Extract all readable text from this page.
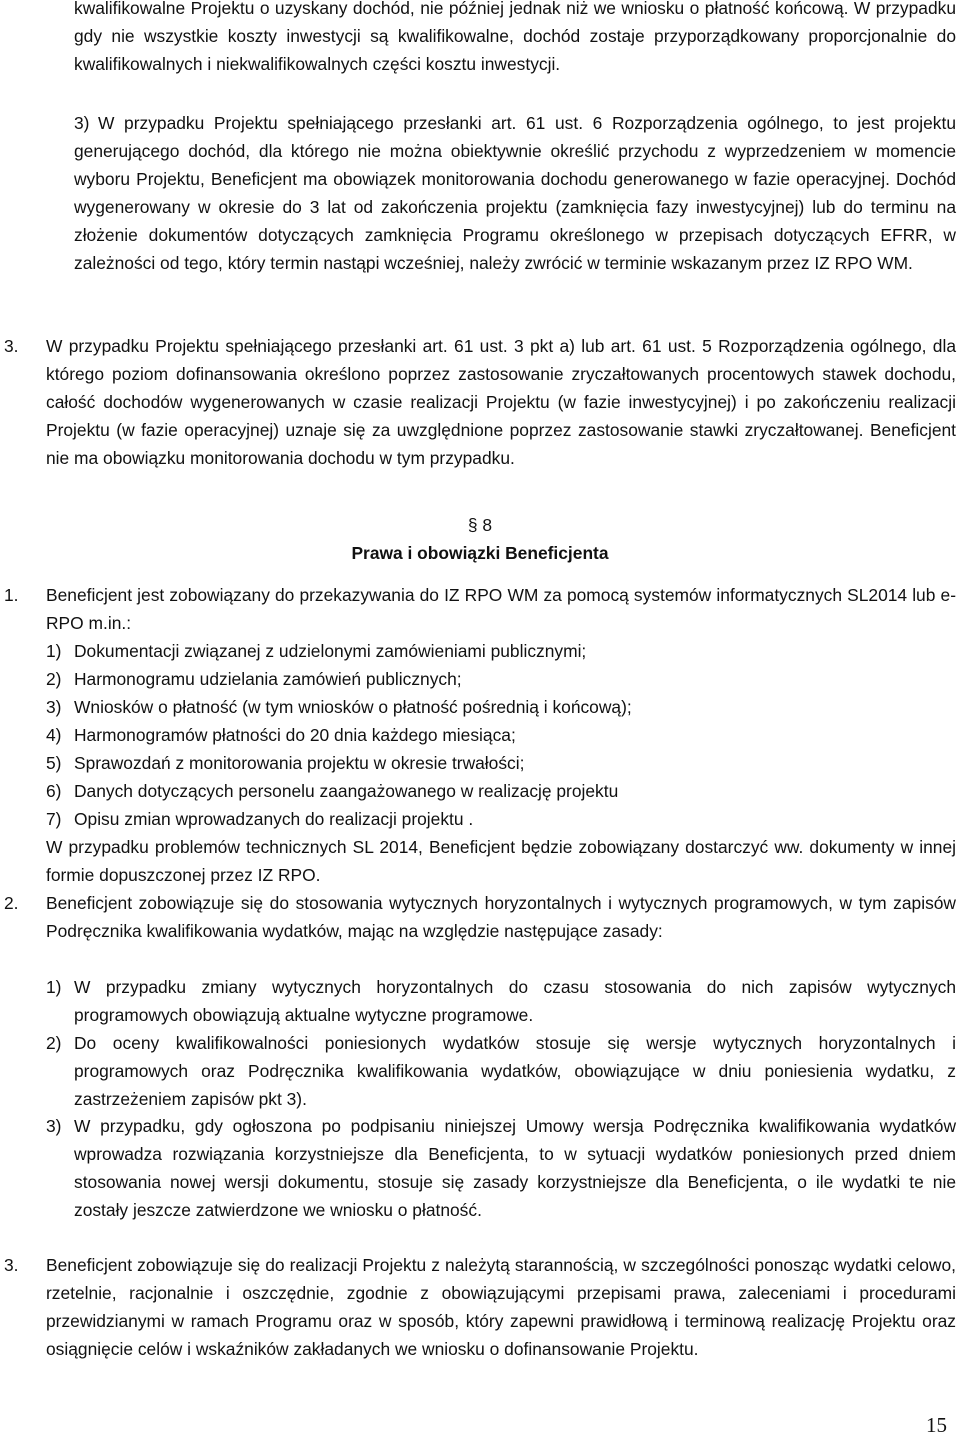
kwalifikowalne Projektu o uzyskany dochód, nie później jednak niż we wniosku o płatność końcową. W przypadku gdy nie wszystkie koszty inwestycji są kwalifikowalne, dochód zostaje przyporządkowany proporcjonalnie do kwalifikowalnych i niekwalifikowalnych części kosztu inwestycji.

3) W przypadku Projektu spełniającego przesłanki art. 61 ust. 6 Rozporządzenia ogólnego, to jest projektu generującego dochód, dla którego nie można obiektywnie określić przychodu z wyprzedzeniem w momencie wyboru Projektu, Beneficjent ma obowiązek monitorowania dochodu generowanego w fazie operacyjnej. Dochód wygenerowany w okresie do 3 lat od zakończenia projektu (zamknięcia fazy inwestycyjnej) lub do terminu na złożenie dokumentów dotyczących zamknięcia Programu określonego w przepisach dotyczących EFRR, w zależności od tego, który termin nastąpi wcześniej, należy zwrócić w terminie wskazanym przez IZ RPO WM.

3.	W przypadku Projektu spełniającego przesłanki art. 61 ust. 3 pkt a) lub art. 61 ust. 5 Rozporządzenia ogólnego, dla którego poziom dofinansowania określono poprzez zastosowanie zryczałtowanych procentowych stawek dochodu, całość dochodów wygenerowanych w czasie realizacji Projektu (w fazie inwestycyjnej) i po zakończeniu realizacji Projektu (w fazie operacyjnej) uznaje się za uwzględnione poprzez zastosowanie stawki zryczałtowanej. Beneficjent nie ma obowiązku monitorowania dochodu w tym przypadku.

§ 8
Prawa i obowiązki Beneficjenta
1.	Beneficjent jest zobowiązany do przekazywania do IZ RPO WM za pomocą systemów informatycznych SL2014 lub e-RPO m.in.:

1) Dokumentacji związanej z udzielonymi zamówieniami publicznymi;

2) Harmonogramu udzielania zamówień publicznych;

3) Wniosków o płatność (w tym wniosków o płatność pośrednią i końcową);

4) Harmonogramów płatności do 20 dnia każdego miesiąca;

5) Sprawozdań z monitorowania projektu w okresie trwałości;

6) Danych dotyczących personelu zaangażowanego w realizację projektu

7) Opisu zmian wprowadzanych do realizacji projektu .

W przypadku problemów technicznych SL 2014, Beneficjent będzie zobowiązany dostarczyć ww. dokumenty w innej formie dopuszczonej przez IZ RPO.

2.	Beneficjent zobowiązuje się do stosowania wytycznych horyzontalnych i wytycznych programowych, w tym zapisów Podręcznika kwalifikowania wydatków, mając na względzie następujące zasady:

1) W przypadku zmiany wytycznych horyzontalnych do czasu stosowania do nich zapisów wytycznych programowych obowiązują aktualne wytyczne programowe.

2) Do oceny kwalifikowalności poniesionych wydatków stosuje się wersje wytycznych horyzontalnych i programowych oraz Podręcznika kwalifikowania wydatków, obowiązujące w dniu poniesienia wydatku, z zastrzeżeniem zapisów pkt 3).

3) W przypadku, gdy ogłoszona po podpisaniu niniejszej Umowy wersja Podręcznika kwalifikowania wydatków wprowadza rozwiązania korzystniejsze dla Beneficjenta, to w sytuacji wydatków poniesionych przed dniem stosowania nowej wersji dokumentu, stosuje się zasady korzystniejsze dla Beneficjenta, o ile wydatki te nie zostały jeszcze zatwierdzone we wniosku o płatność.

3.	Beneficjent zobowiązuje się do realizacji Projektu z należytą starannością, w szczególności ponosząc wydatki celowo, rzetelnie, racjonalnie i oszczędnie, zgodnie z obowiązującymi przepisami prawa, zaleceniami i procedurami przewidzianymi w ramach Programu oraz w sposób, który zapewni prawidłową i terminową realizację Projektu oraz osiągnięcie celów i wskaźników zakładanych we wniosku o dofinansowanie Projektu.

15
